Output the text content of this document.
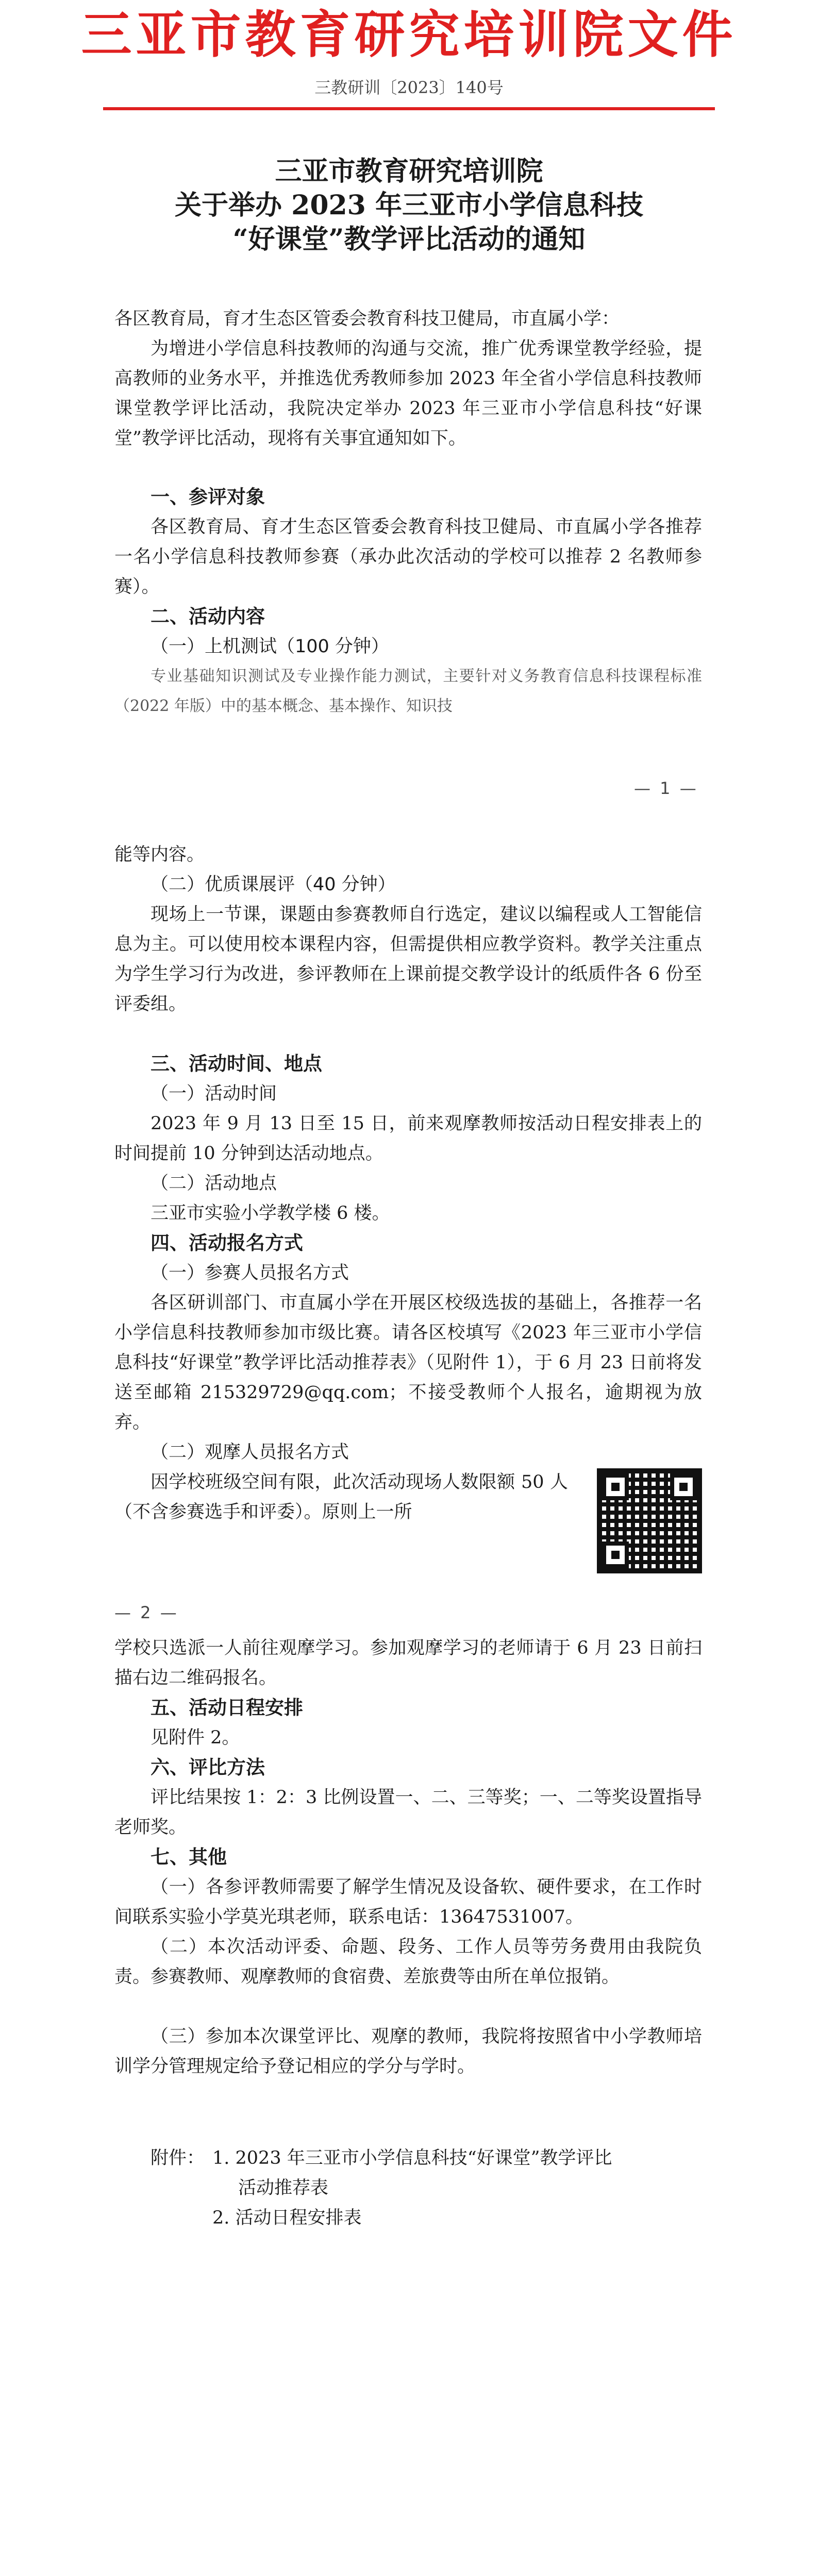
三亚市教育研究培训院文件
三教研训〔2023〕140号
三亚市教育研究培训院
关于举办 2023 年三亚市小学信息科技
“好课堂”教学评比活动的通知
各区教育局，育才生态区管委会教育科技卫健局，市直属小学：
为增进小学信息科技教师的沟通与交流，推广优秀课堂教学经验，提高教师的业务水平，并推选优秀教师参加 2023 年全省小学信息科技教师课堂教学评比活动，我院决定举办 2023 年三亚市小学信息科技“好课堂”教学评比活动，现将有关事宜通知如下。
一、参评对象
各区教育局、育才生态区管委会教育科技卫健局、市直属小学各推荐一名小学信息科技教师参赛（承办此次活动的学校可以推荐 2 名教师参赛）。
二、活动内容
（一）上机测试（100 分钟）
专业基础知识测试及专业操作能力测试，主要针对义务教育信息科技课程标准（2022 年版）中的基本概念、基本操作、知识技
— 1 —
能等内容。
（二）优质课展评（40 分钟）
现场上一节课，课题由参赛教师自行选定，建议以编程或人工智能信息为主。可以使用校本课程内容，但需提供相应教学资料。教学关注重点为学生学习行为改进，参评教师在上课前提交教学设计的纸质件各 6 份至评委组。
三、活动时间、地点
（一）活动时间
2023 年 9 月 13 日至 15 日，前来观摩教师按活动日程安排表上的时间提前 10 分钟到达活动地点。
（二）活动地点
三亚市实验小学教学楼 6 楼。
四、活动报名方式
（一）参赛人员报名方式
各区研训部门、市直属小学在开展区校级选拔的基础上，各推荐一名小学信息科技教师参加市级比赛。请各区校填写《2023 年三亚市小学信息科技“好课堂”教学评比活动推荐表》（见附件 1），于 6 月 23 日前将发送至邮箱 215329729@qq.com；不接受教师个人报名，逾期视为放弃。
（二）观摩人员报名方式
因学校班级空间有限，此次活动现场人数限额 50 人（不含参赛选手和评委）。原则上一所
— 2 —
学校只选派一人前往观摩学习。参加观摩学习的老师请于 6 月 23 日前扫描右边二维码报名。
五、活动日程安排
见附件 2。
六、评比方法
评比结果按 1：2：3 比例设置一、二、三等奖；一、二等奖设置指导老师奖。
七、其他
（一）各参评教师需要了解学生情况及设备软、硬件要求，在工作时间联系实验小学莫光琪老师，联系电话：13647531007。
（二）本次活动评委、命题、段务、工作人员等劳务费用由我院负责。参赛教师、观摩教师的食宿费、差旅费等由所在单位报销。
（三）参加本次课堂评比、观摩的教师，我院将按照省中小学教师培训学分管理规定给予登记相应的学分与学时。
附件： 1. 2023 年三亚市小学信息科技“好课堂”教学评比
活动推荐表
2. 活动日程安排表
